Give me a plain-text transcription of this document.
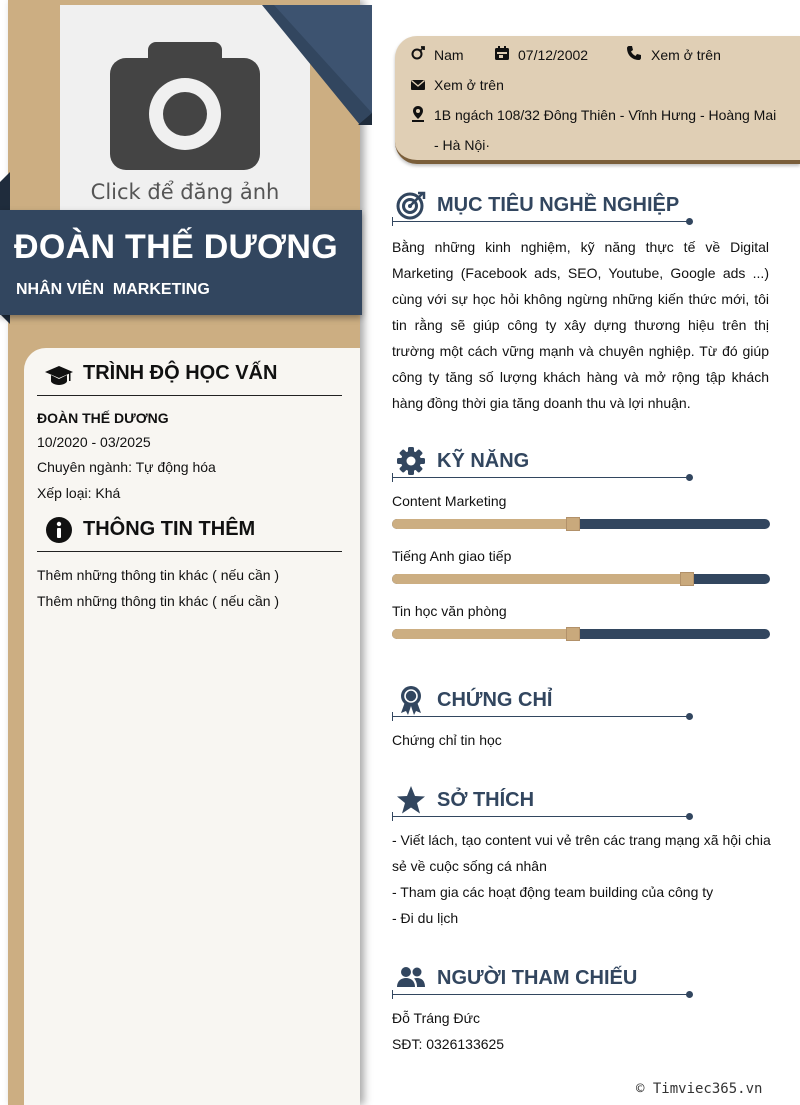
Click để đăng ảnh
ĐOÀN THẾ DƯƠNG
NHÂN VIÊN  MARKETING
TRÌNH ĐỘ HỌC VẤN
ĐOÀN THẾ DƯƠNG
10/2020 - 03/2025
Chuyên ngành: Tự động hóa
Xếp loại: Khá
THÔNG TIN THÊM
Thêm những thông tin khác ( nếu cần )
Thêm những thông tin khác ( nếu cần )
Nam	07/12/2002	Xem ở trên
Xem ở trên
1B ngách 108/32 Đông Thiên - Vĩnh Hưng - Hoàng Mai
- Hà Nội·
MỤC TIÊU NGHỀ NGHIỆP
Bằng những kinh nghiệm, kỹ năng thực tế về Digital Marketing (Facebook ads, SEO, Youtube, Google ads ...) cùng với sự học hỏi không ngừng những kiến thức mới, tôi tin rằng sẽ giúp công ty xây dựng thương hiệu trên thị trường một cách vững mạnh và chuyên nghiệp. Từ đó giúp công ty tăng số lượng khách hàng và mở rộng tập khách hàng đồng thời gia tăng doanh thu và lợi nhuận.
KỸ NĂNG
Content Marketing
Tiếng Anh giao tiếp
Tin học văn phòng
CHỨNG CHỈ
Chứng chỉ tin học
SỞ THÍCH
- Viết lách, tạo content vui vẻ trên các trang mạng xã hội chia sẻ về cuộc sống cá nhân
- Tham gia các hoạt động team building của công ty
- Đi du lịch
NGƯỜI THAM CHIẾU
Đỗ Tráng Đức
SĐT: 0326133625
© Timviec365.vn
